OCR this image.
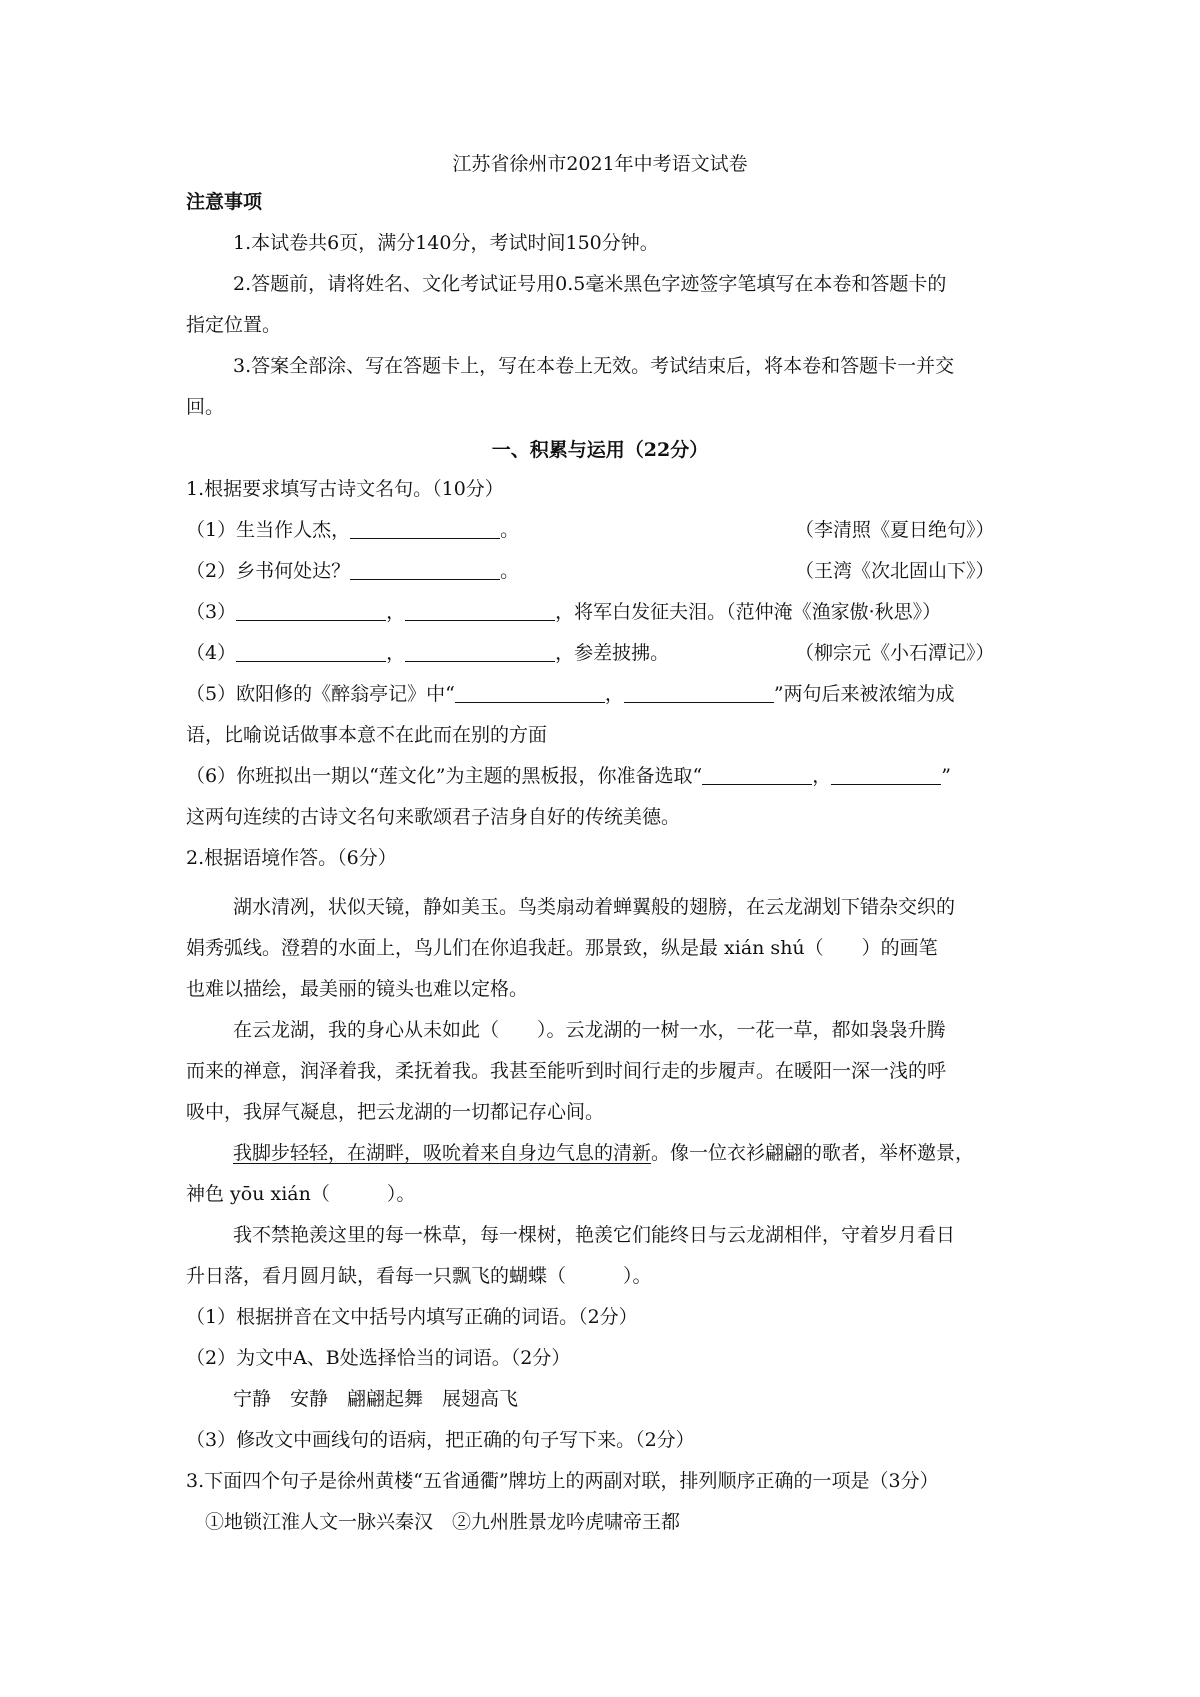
江苏省徐州市2021年中考语文试卷
注意事项
1.本试卷共6页，满分140分，考试时间150分钟。
2.答题前，请将姓名、文化考试证号用0.5毫米黑色字迹签字笔填写在本卷和答题卡的
指定位置。
3.答案全部涂、写在答题卡上，写在本卷上无效。考试结束后，将本卷和答题卡一并交
回。
一、积累与运用（22分）
1.根据要求填写古诗文名句。（10分）
（1）生当作人杰，	。	（李清照《夏日绝句》）
（2）乡书何处达？	。	（王湾《次北固山下》）
（3）	，	，将军白发征夫泪。（范仲淹《渔家傲·秋思》）
（4）	，	，参差披拂。	（柳宗元《小石潭记》）
（5）欧阳修的《醉翁亭记》中“	，	”两句后来被浓缩为成
语，比喻说话做事本意不在此而在别的方面
（6）你班拟出一期以“莲文化”为主题的黑板报，你准备选取“	，	”
这两句连续的古诗文名句来歌颂君子洁身自好的传统美德。
2.根据语境作答。（6分）
湖水清冽，状似天镜，静如美玉。鸟类扇动着蝉翼般的翅膀，在云龙湖划下错杂交织的
娟秀弧线。澄碧的水面上，鸟儿们在你追我赶。那景致，纵是最 xián shú（　　）的画笔
也难以描绘，最美丽的镜头也难以定格。
在云龙湖，我的身心从未如此（　　）。云龙湖的一树一水，一花一草，都如袅袅升腾
而来的禅意，润泽着我，柔抚着我。我甚至能听到时间行走的步履声。在暖阳一深一浅的呼
吸中，我屏气凝息，把云龙湖的一切都记存心间。
我脚步轻轻，在湖畔，吸吮着来自身边气息的清新。像一位衣衫翩翩的歌者，举杯邀景，
神色 yōu xián（　　　）。
我不禁艳羡这里的每一株草，每一棵树，艳羡它们能终日与云龙湖相伴，守着岁月看日
升日落，看月圆月缺，看每一只飘飞的蝴蝶（　　　）。
（1）根据拼音在文中括号内填写正确的词语。（2分）
（2）为文中A、B处选择恰当的词语。（2分）
宁静　安静　翩翩起舞　展翅高飞
（3）修改文中画线句的语病，把正确的句子写下来。（2分）
3.下面四个句子是徐州黄楼“五省通衢”牌坊上的两副对联，排列顺序正确的一项是（3分）
①地锁江淮人文一脉兴秦汉　②九州胜景龙吟虎啸帝王都
